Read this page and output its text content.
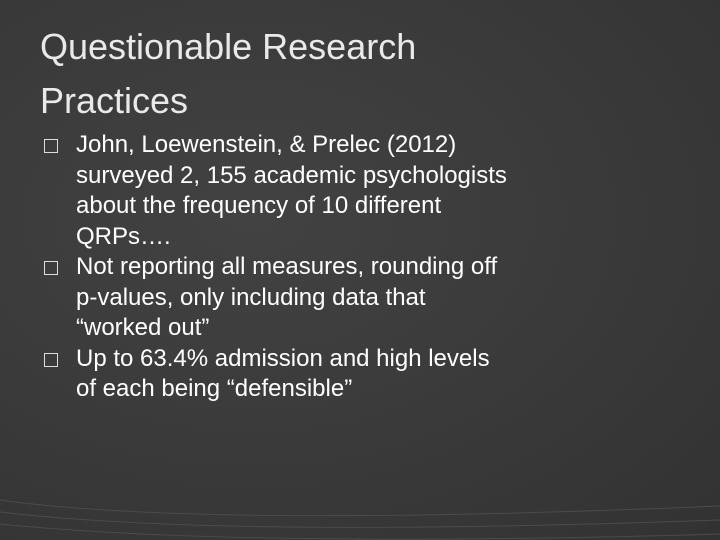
Questionable Research
Practices
John, Loewenstein, & Prelec (2012)
surveyed 2, 155 academic psychologists
about the frequency of 10 different
QRPs….
Not reporting all measures, rounding off
p-values, only including data that
“worked out”
Up to 63.4% admission and high levels
of each being “defensible”
